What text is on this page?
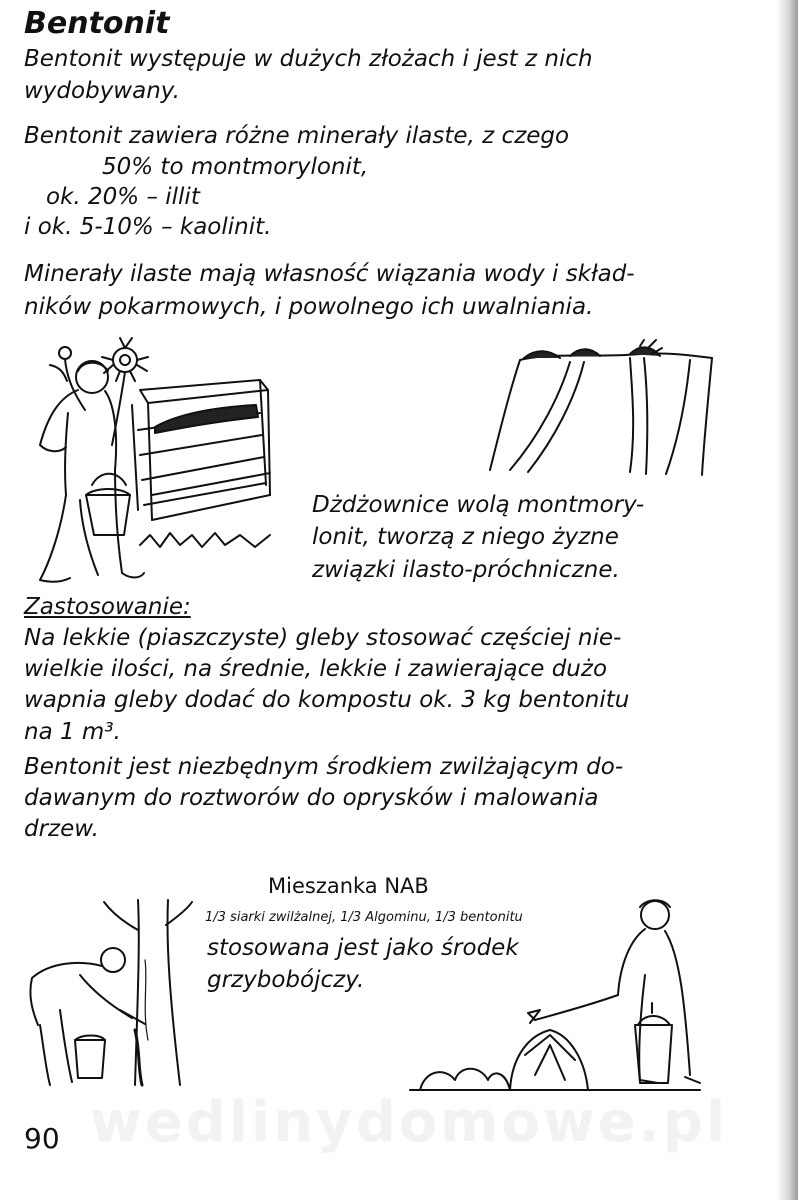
wedlinydomowe.pl
Bentonit
Bentonit występuje w dużych złożach i jest z nich
wydobywany.
Bentonit zawiera różne minerały ilaste, z czego
50% to montmorylonit,
ok. 20% – illit
i ok. 5-10% – kaolinit.
Minerały ilaste mają własność wiązania wody i skład-
ników pokarmowych, i powolnego ich uwalniania.
Dżdżownice wolą montmory-
lonit, tworzą z niego żyzne
związki ilasto-próchniczne.
Zastosowanie:
Na lekkie (piaszczyste) gleby stosować częściej nie-
wielkie ilości, na średnie, lekkie i zawierające dużo
wapnia gleby dodać do kompostu ok. 3 kg bentonitu
na 1 m³.
Bentonit jest niezbędnym środkiem zwilżającym do-
dawanym do roztworów do oprysków i malowania
drzew.
Mieszanka NAB
1/3 siarki zwilżalnej, 1/3 Algominu, 1/3 bentonitu
stosowana jest jako środek
grzybobójczy.
90
